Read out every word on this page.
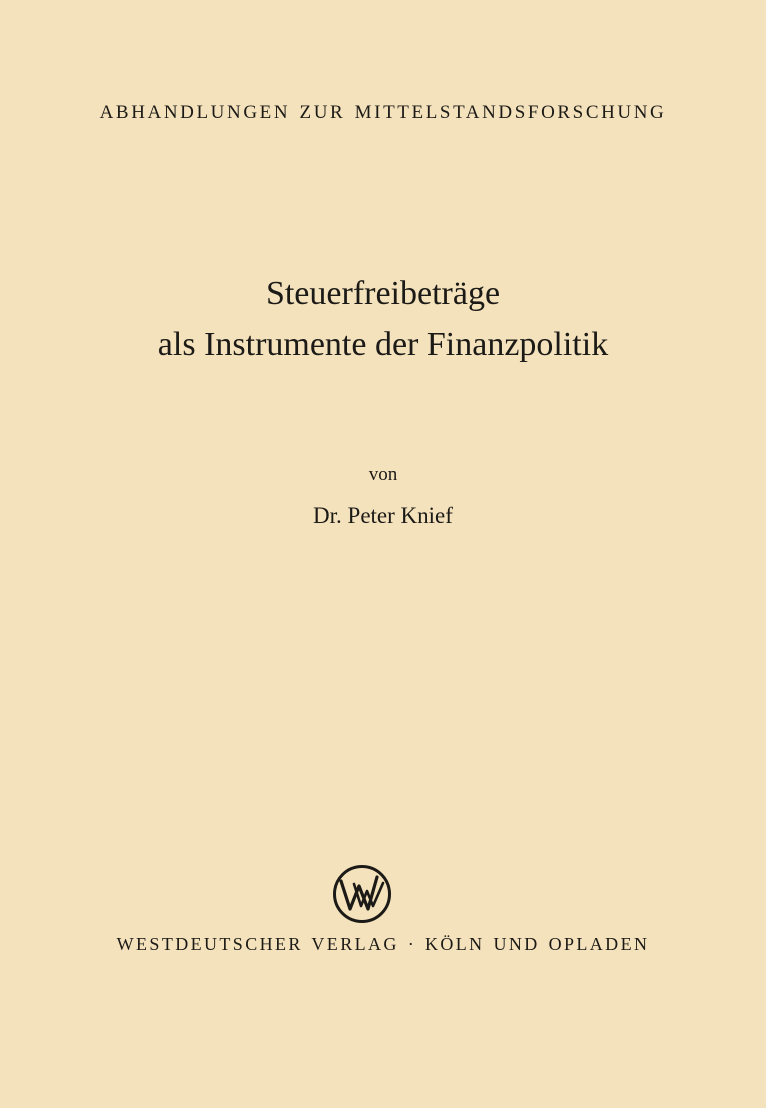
ABHANDLUNGEN ZUR MITTELSTANDSFORSCHUNG
Steuerfreibeträge
als Instrumente der Finanzpolitik
von
Dr. Peter Knief
WESTDEUTSCHER VERLAG · KÖLN UND OPLADEN
